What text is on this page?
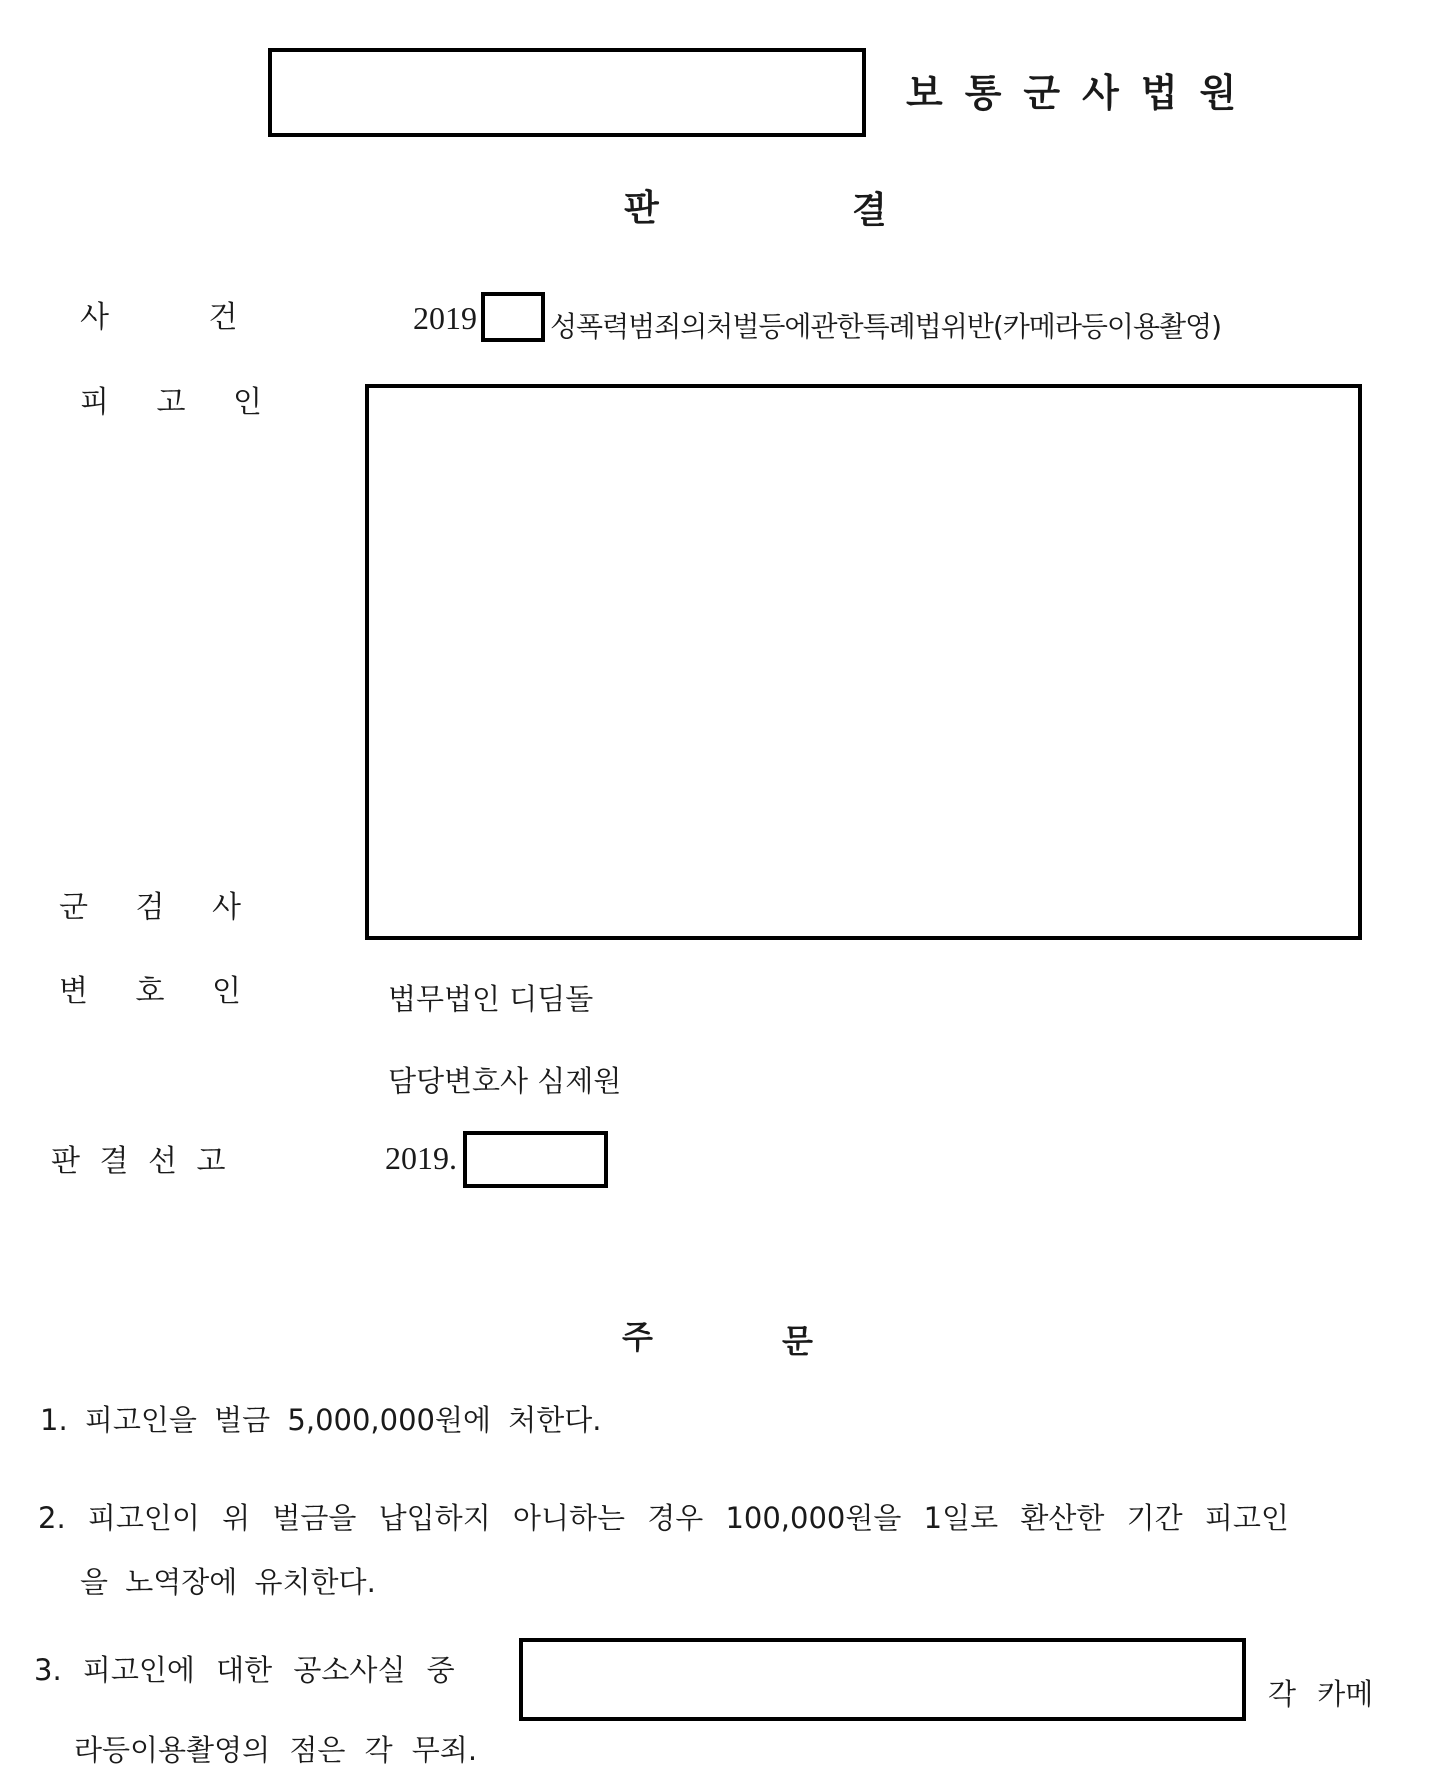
보통군사법원
판	결
사 건	2019	성폭력범죄의처벌등에관한특례법위반(카메라등이용촬영)
피 고 인
군 검 사
변 호 인	법무법인 디딤돌
담당변호사 심제원
판 결 선 고	2019.
주	문
1. 피고인을 벌금 5,000,000원에 처한다.
2. 피고인이 위 벌금을 납입하지 아니하는 경우 100,000원을 1일로 환산한 기간 피고인
을 노역장에 유치한다.
3. 피고인에 대한 공소사실 중
각 카메
라등이용촬영의 점은 각 무죄.
